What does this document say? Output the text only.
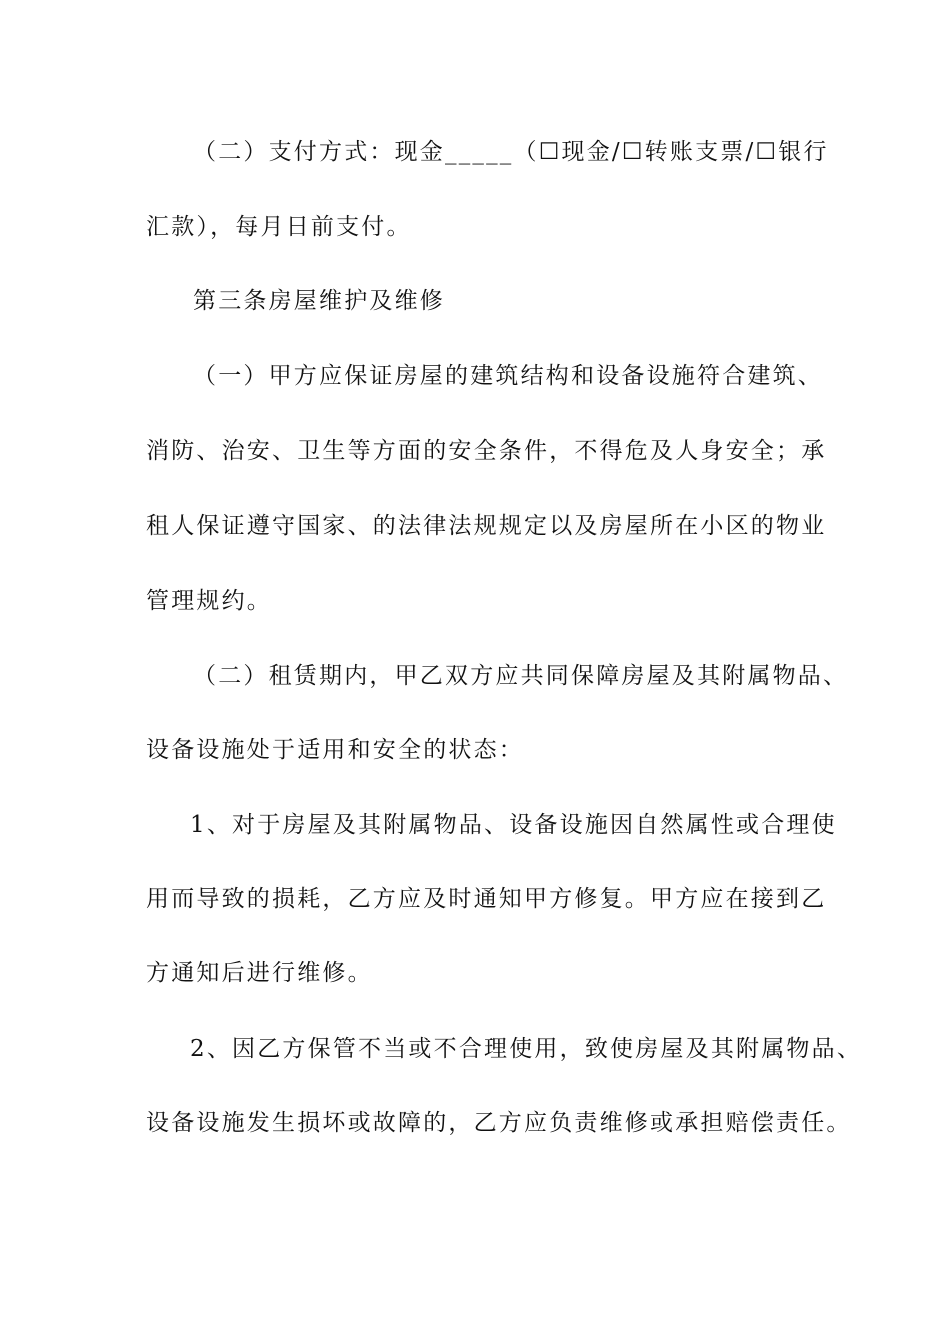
（二）支付方式：现金_____（☐现金/☐转账支票/☐银行
汇款），每月日前支付。
第三条房屋维护及维修
（一）甲方应保证房屋的建筑结构和设备设施符合建筑、
消防、治安、卫生等方面的安全条件，不得危及人身安全；承
租人保证遵守国家、的法律法规规定以及房屋所在小区的物业
管理规约。
（二）租赁期内，甲乙双方应共同保障房屋及其附属物品、
设备设施处于适用和安全的状态：
1、对于房屋及其附属物品、设备设施因自然属性或合理使
用而导致的损耗，乙方应及时通知甲方修复。甲方应在接到乙
方通知后进行维修。
2、因乙方保管不当或不合理使用，致使房屋及其附属物品、
设备设施发生损坏或故障的，乙方应负责维修或承担赔偿责任。
